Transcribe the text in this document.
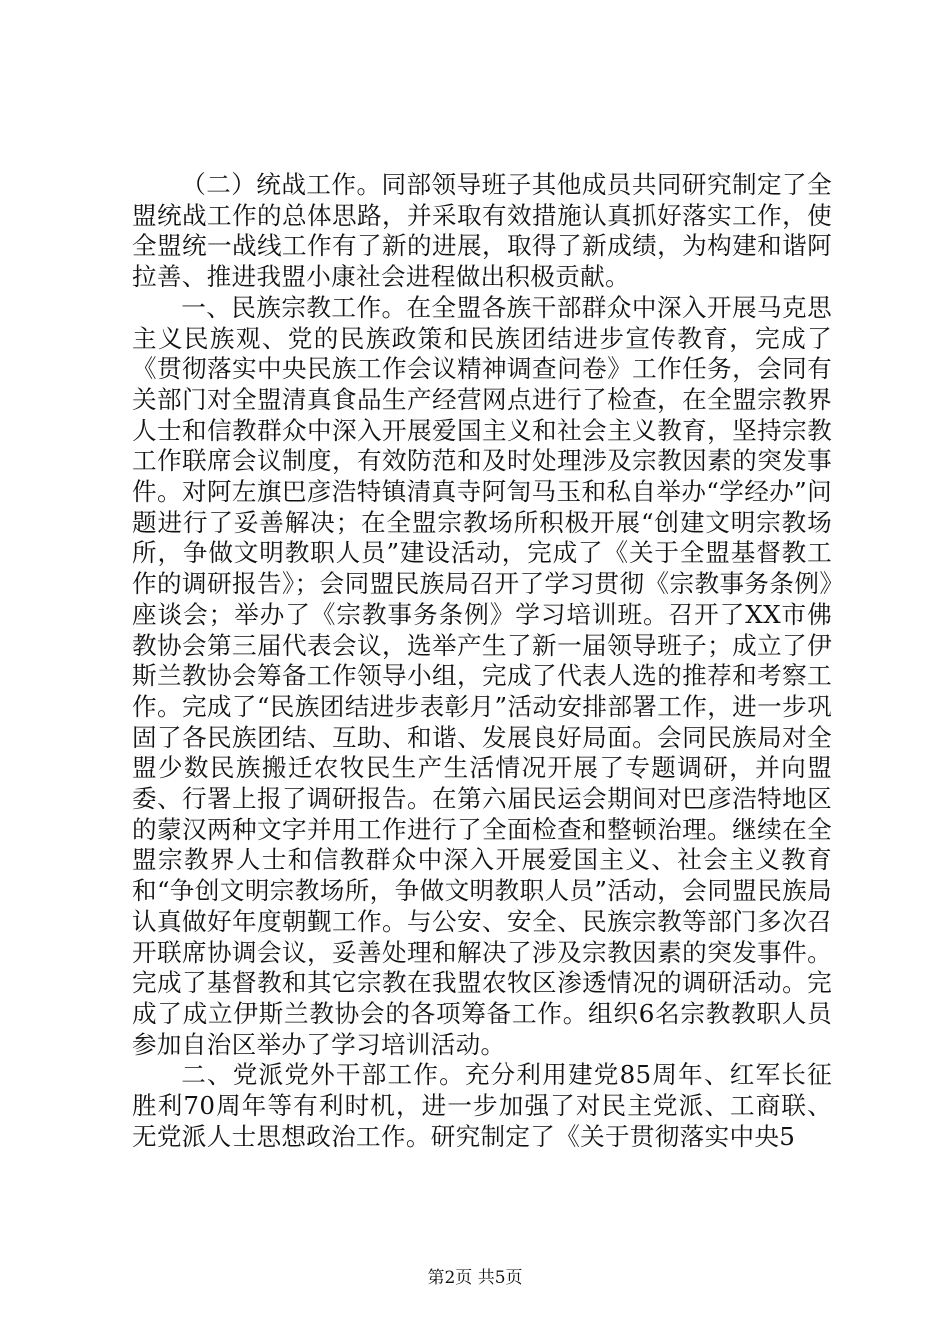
（二）统战工作。同部领导班子其他成员共同研究制定了全盟统战工作的总体思路，并采取有效措施认真抓好落实工作，使全盟统一战线工作有了新的进展，取得了新成绩，为构建和谐阿拉善、推进我盟小康社会进程做出积极贡献。

一、民族宗教工作。在全盟各族干部群众中深入开展马克思主义民族观、党的民族政策和民族团结进步宣传教育，完成了《贯彻落实中央民族工作会议精神调查问卷》工作任务，会同有关部门对全盟清真食品生产经营网点进行了检查，在全盟宗教界人士和信教群众中深入开展爱国主义和社会主义教育，坚持宗教工作联席会议制度，有效防范和及时处理涉及宗教因素的突发事件。对阿左旗巴彦浩特镇清真寺阿訇马玉和私自举办“学经办”问题进行了妥善解决；在全盟宗教场所积极开展“创建文明宗教场所，争做文明教职人员”建设活动，完成了《关于全盟基督教工作的调研报告》；会同盟民族局召开了学习贯彻《宗教事务条例》座谈会；举办了《宗教事务条例》学习培训班。召开了XX市佛教协会第三届代表会议，选举产生了新一届领导班子；成立了伊斯兰教协会筹备工作领导小组，完成了代表人选的推荐和考察工作。完成了“民族团结进步表彰月”活动安排部署工作，进一步巩固了各民族团结、互助、和谐、发展良好局面。会同民族局对全盟少数民族搬迁农牧民生产生活情况开展了专题调研，并向盟委、行署上报了调研报告。在第六届民运会期间对巴彦浩特地区的蒙汉两种文字并用工作进行了全面检查和整顿治理。继续在全盟宗教界人士和信教群众中深入开展爱国主义、社会主义教育和“争创文明宗教场所，争做文明教职人员”活动，会同盟民族局认真做好年度朝觐工作。与公安、安全、民族宗教等部门多次召开联席协调会议，妥善处理和解决了涉及宗教因素的突发事件。完成了基督教和其它宗教在我盟农牧区渗透情况的调研活动。完成了成立伊斯兰教协会的各项筹备工作。组织6名宗教教职人员参加自治区举办了学习培训活动。

二、党派党外干部工作。充分利用建党85周年、红军长征胜利70周年等有利时机，进一步加强了对民主党派、工商联、无党派人士思想政治工作。研究制定了《关于贯彻落实中央5

第2页 共5页
